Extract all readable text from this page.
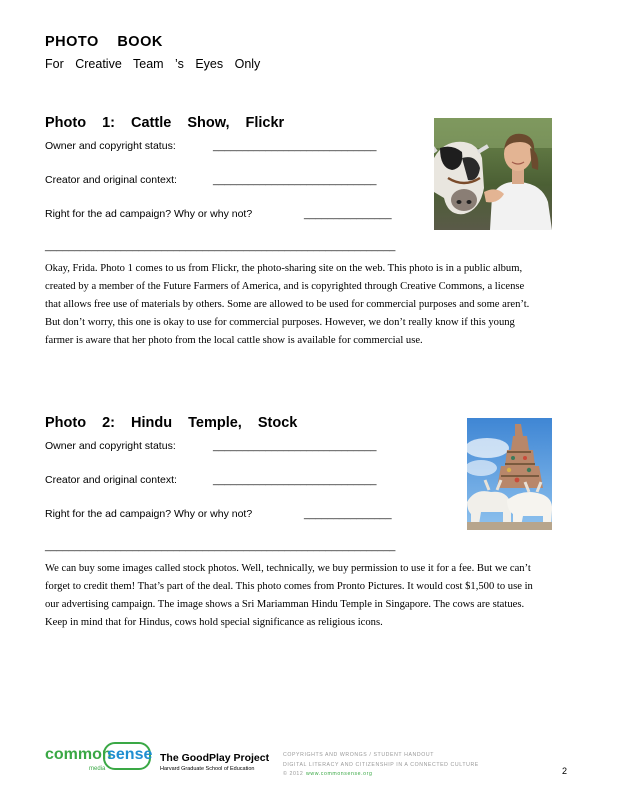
PHOTO BOOK
For Creative Team ’s Eyes Only
Photo 1: Cattle Show, Flickr
Owner and copyright status:	____________________________
Creator and original context:	____________________________
Right for the ad campaign? Why or why not?	_______________
____________________________________________________________
Okay, Frida. Photo 1 comes to us from Flickr, the photo-sharing site on the web. This photo is in a public album, created by a member of the Future Farmers of America, and is copyrighted through Creative Commons, a license that allows free use of materials by others. Some are allowed to be used for commercial purposes and some aren’t. But don’t worry, this one is okay to use for commercial purposes. However, we don’t really know if this young farmer is aware that her photo from the local cattle show is available for commercial use.
Photo 2: Hindu Temple, Stock
Owner and copyright status:	____________________________
Creator and original context:	____________________________
Right for the ad campaign? Why or why not?	_______________
____________________________________________________________
We can buy some images called stock photos. Well, technically, we buy permission to use it for a fee. But we can’t forget to credit them! That’s part of the deal. This photo comes from Pronto Pictures. It would cost $1,500 to use in our advertising campaign. The image shows a Sri Mariamman Hindu Temple in Singapore. The cows are statues. Keep in mind that for Hindus, cows hold special significance as religious icons.
common
sense
media
The GoodPlay Project
Harvard Graduate School of Education
COPYRIGHTS AND WRONGS / STUDENT HANDOUT
DIGITAL LITERACY AND CITIZENSHIP IN A CONNECTED CULTURE
© 2012 www.commonsense.org	2
